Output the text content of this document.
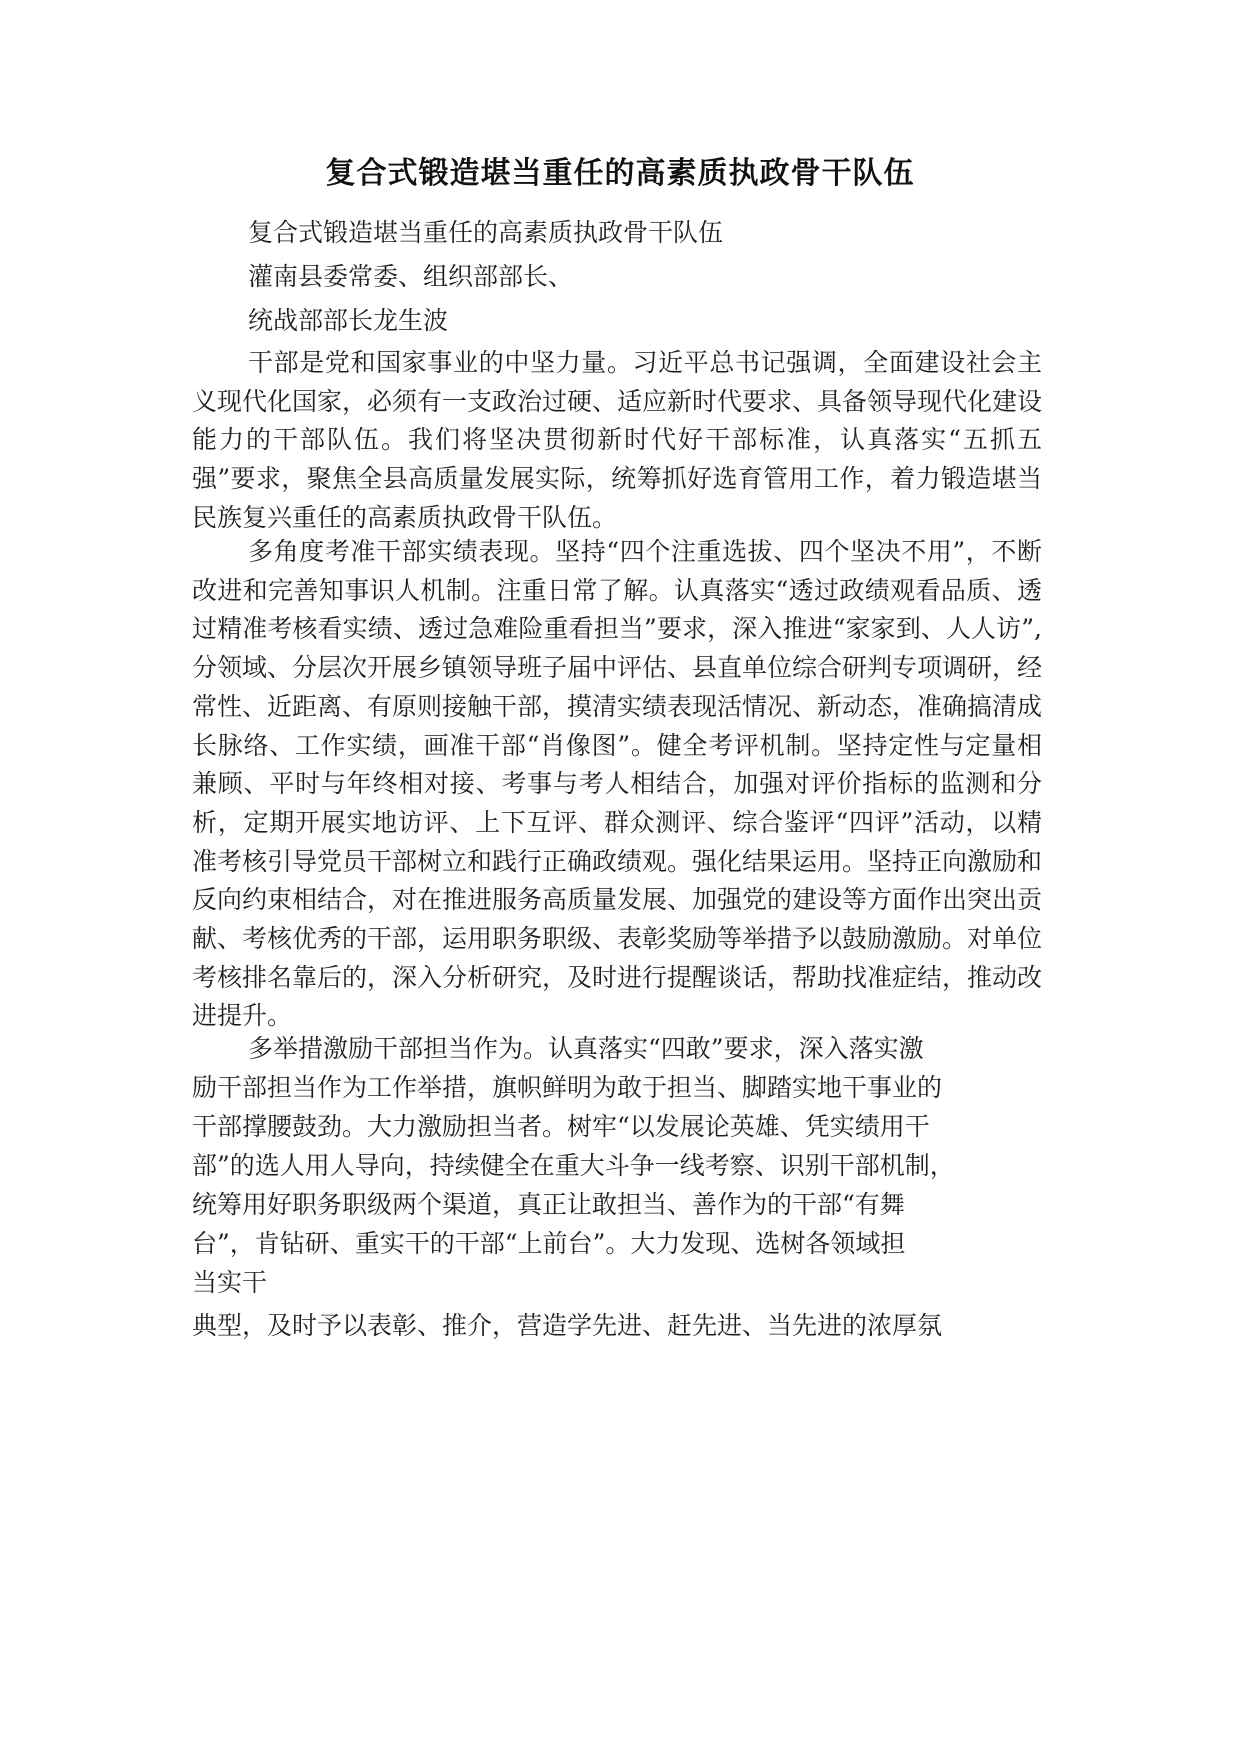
复合式锻造堪当重任的高素质执政骨干队伍
复合式锻造堪当重任的高素质执政骨干队伍
灌南县委常委、组织部部长、
统战部部长龙生波

干部是党和国家事业的中坚力量。习近平总书记强调，全面建设社会主义现代化国家，必须有一支政治过硬、适应新时代要求、具备领导现代化建设能力的干部队伍。我们将坚决贯彻新时代好干部标准，认真落实“五抓五强”要求，聚焦全县高质量发展实际，统筹抓好选育管用工作，着力锻造堪当民族复兴重任的高素质执政骨干队伍。

多角度考准干部实绩表现。坚持“四个注重选拔、四个坚决不用”，不断改进和完善知事识人机制。注重日常了解。认真落实“透过政绩观看品质、透过精准考核看实绩、透过急难险重看担当”要求，深入推进“家家到、人人访”,分领域、分层次开展乡镇领导班子届中评估、县直单位综合研判专项调研，经常性、近距离、有原则接触干部，摸清实绩表现活情况、新动态，准确搞清成长脉络、工作实绩，画准干部“肖像图”。健全考评机制。坚持定性与定量相兼顾、平时与年终相对接、考事与考人相结合，加强对评价指标的监测和分析，定期开展实地访评、上下互评、群众测评、综合鉴评“四评”活动，以精准考核引导党员干部树立和践行正确政绩观。强化结果运用。坚持正向激励和反向约束相结合，对在推进服务高质量发展、加强党的建设等方面作出突出贡献、考核优秀的干部，运用职务职级、表彰奖励等举措予以鼓励激励。对单位考核排名靠后的，深入分析研究，及时进行提醒谈话，帮助找准症结，推动改进提升。

多举措激励干部担当作为。认真落实“四敢”要求，深入落实激
励干部担当作为工作举措，旗帜鲜明为敢于担当、脚踏实地干事业的
干部撑腰鼓劲。大力激励担当者。树牢“以发展论英雄、凭实绩用干
部”的选人用人导向，持续健全在重大斗争一线考察、识别干部机制，
统筹用好职务职级两个渠道，真正让敢担当、善作为的干部“有舞
台”，肯钻研、重实干的干部“上前台”。大力发现、选树各领域担
当实干
典型，及时予以表彰、推介，营造学先进、赶先进、当先进的浓厚氛
